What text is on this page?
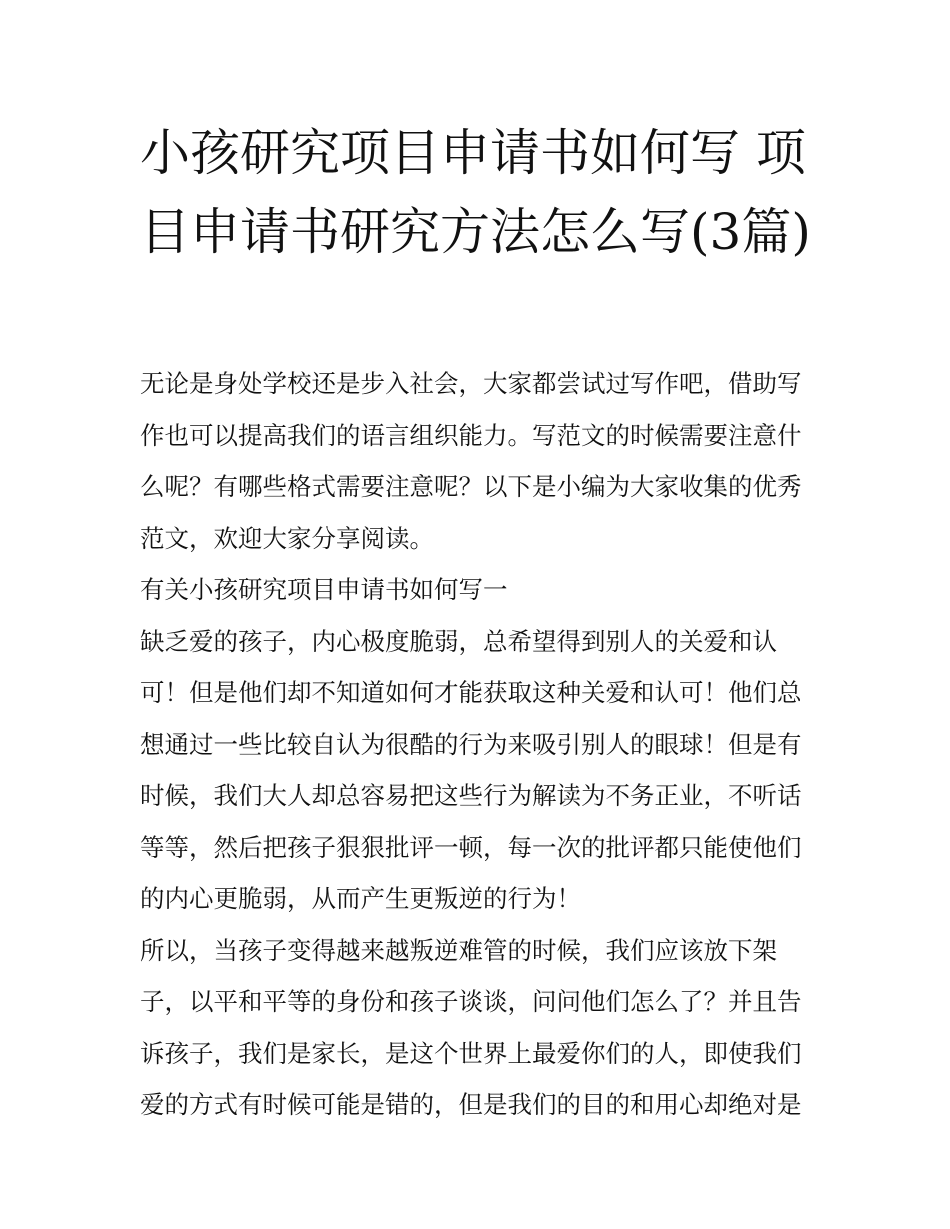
小孩研究项目申请书如何写 项目申请书研究方法怎么写(3篇)

无论是身处学校还是步入社会，大家都尝试过写作吧，借助写作也可以提高我们的语言组织能力。写范文的时候需要注意什么呢？有哪些格式需要注意呢？以下是小编为大家收集的优秀范文，欢迎大家分享阅读。

有关小孩研究项目申请书如何写一

缺乏爱的孩子，内心极度脆弱，总希望得到别人的关爱和认可！但是他们却不知道如何才能获取这种关爱和认可！他们总想通过一些比较自认为很酷的行为来吸引别人的眼球！但是有时候，我们大人却总容易把这些行为解读为不务正业，不听话等等，然后把孩子狠狠批评一顿，每一次的批评都只能使他们的内心更脆弱，从而产生更叛逆的行为！

所以，当孩子变得越来越叛逆难管的时候，我们应该放下架子，以平和平等的身份和孩子谈谈，问问他们怎么了？并且告诉孩子，我们是家长，是这个世界上最爱你们的人，即使我们爱的方式有时候可能是错的，但是我们的目的和用心却绝对是
